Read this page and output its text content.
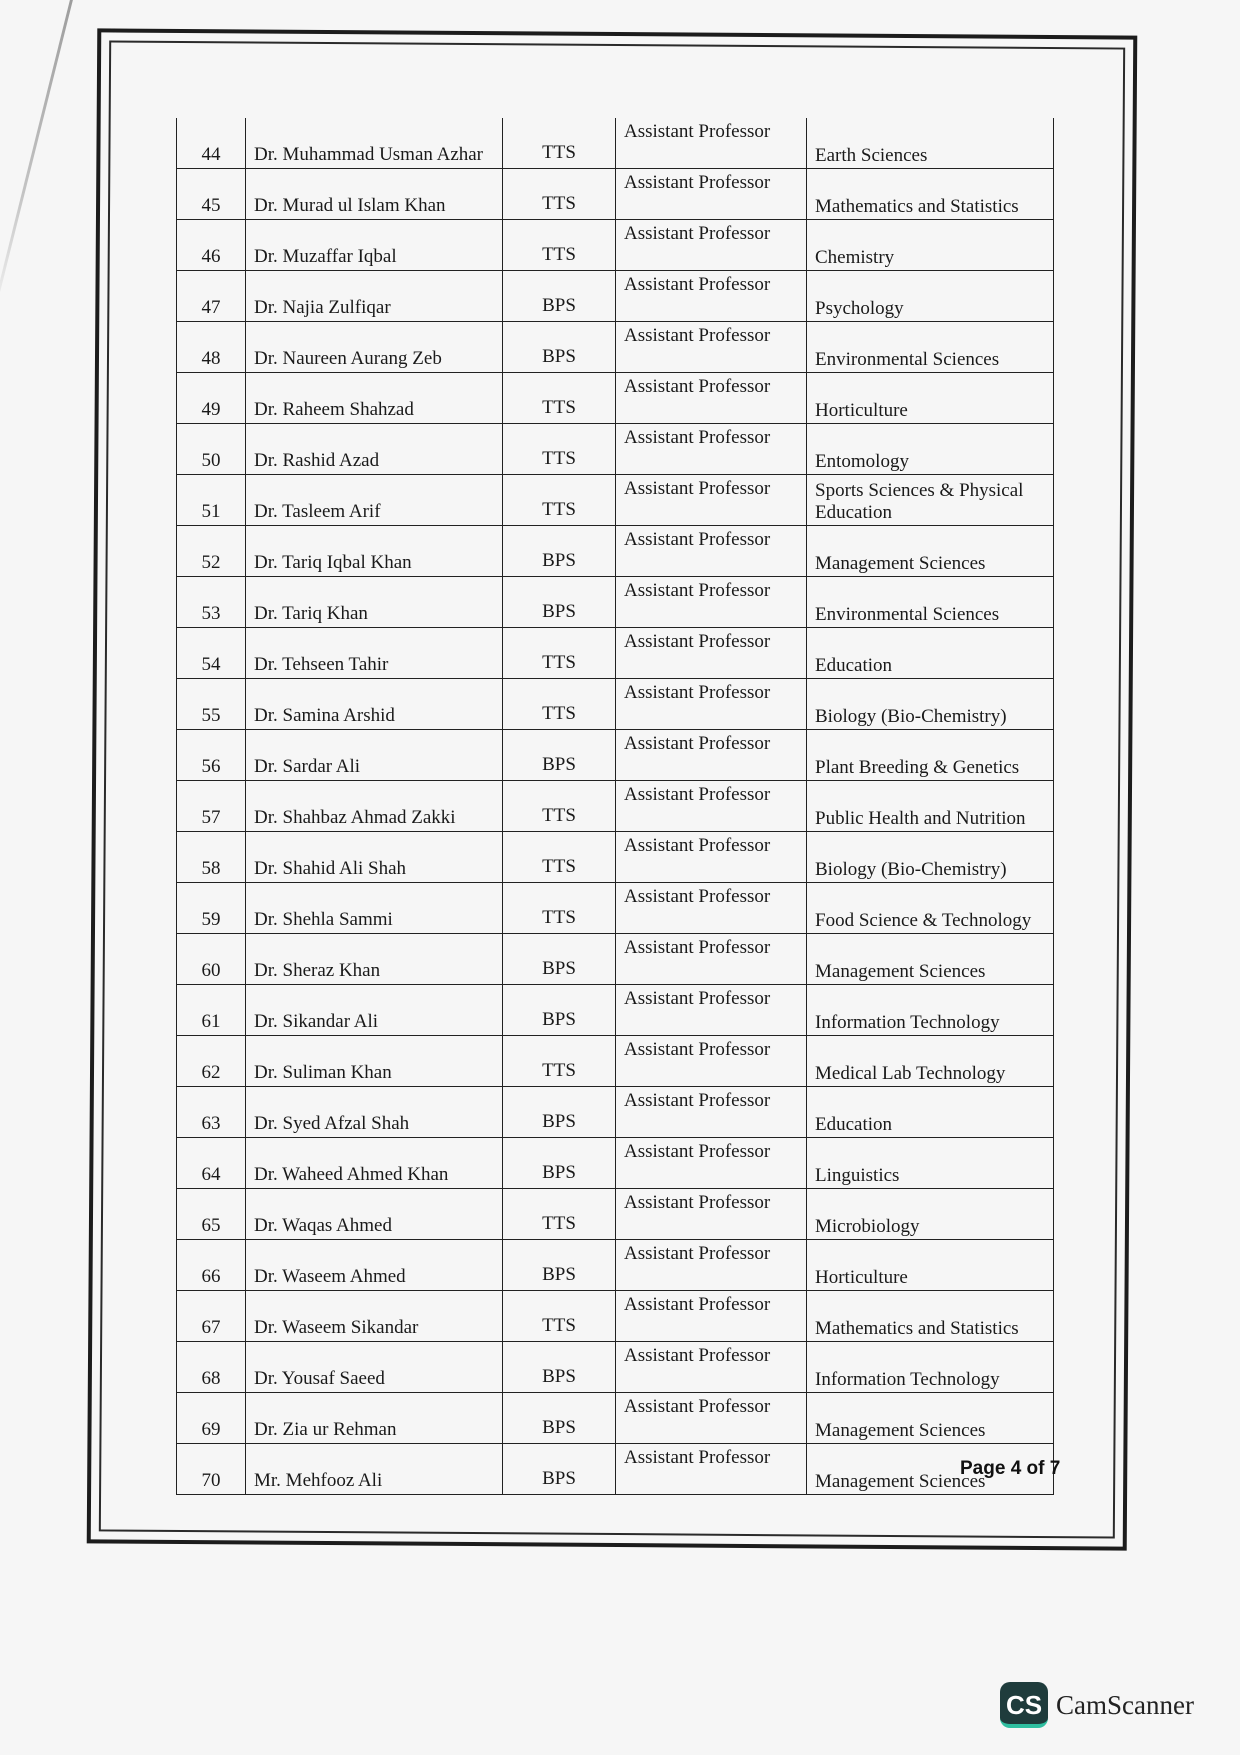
44	Dr. Muhammad Usman Azhar	TTS	Assistant Professor	Earth Sciences
45	Dr. Murad ul Islam Khan	TTS	Assistant Professor	Mathematics and Statistics
46	Dr. Muzaffar Iqbal	TTS	Assistant Professor	Chemistry
47	Dr. Najia Zulfiqar	BPS	Assistant Professor	Psychology
48	Dr. Naureen Aurang Zeb	BPS	Assistant Professor	Environmental Sciences
49	Dr. Raheem Shahzad	TTS	Assistant Professor	Horticulture
50	Dr. Rashid Azad	TTS	Assistant Professor	Entomology
51	Dr. Tasleem Arif	TTS	Assistant Professor	Sports Sciences & Physical Education
52	Dr. Tariq Iqbal Khan	BPS	Assistant Professor	Management Sciences
53	Dr. Tariq Khan	BPS	Assistant Professor	Environmental Sciences
54	Dr. Tehseen Tahir	TTS	Assistant Professor	Education
55	Dr. Samina Arshid	TTS	Assistant Professor	Biology (Bio-Chemistry)
56	Dr. Sardar Ali	BPS	Assistant Professor	Plant Breeding & Genetics
57	Dr. Shahbaz Ahmad Zakki	TTS	Assistant Professor	Public Health and Nutrition
58	Dr. Shahid Ali Shah	TTS	Assistant Professor	Biology (Bio-Chemistry)
59	Dr. Shehla Sammi	TTS	Assistant Professor	Food Science & Technology
60	Dr. Sheraz Khan	BPS	Assistant Professor	Management Sciences
61	Dr. Sikandar Ali	BPS	Assistant Professor	Information Technology
62	Dr. Suliman Khan	TTS	Assistant Professor	Medical Lab Technology
63	Dr. Syed Afzal Shah	BPS	Assistant Professor	Education
64	Dr. Waheed Ahmed Khan	BPS	Assistant Professor	Linguistics
65	Dr. Waqas Ahmed	TTS	Assistant Professor	Microbiology
66	Dr. Waseem Ahmed	BPS	Assistant Professor	Horticulture
67	Dr. Waseem Sikandar	TTS	Assistant Professor	Mathematics and Statistics
68	Dr. Yousaf Saeed	BPS	Assistant Professor	Information Technology
69	Dr. Zia ur Rehman	BPS	Assistant Professor	Management Sciences
70	Mr. Mehfooz Ali	BPS	Assistant Professor	Management Sciences
Page 4 of 7
CS CamScanner
